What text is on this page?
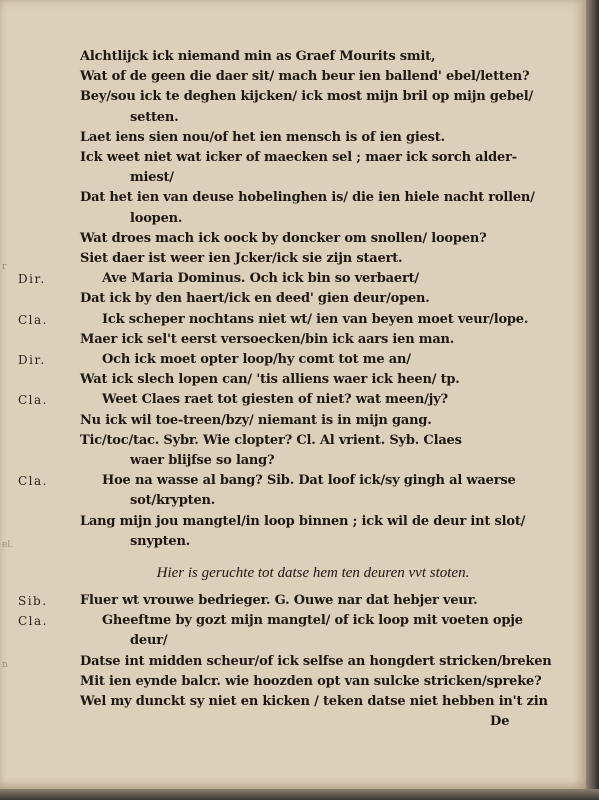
Alchtlijck ick niemand min as Graef Mourits smit,
Wat of de geen die daer sit/ mach beur ien ballend' ebel/letten?
Bey/sou ick te deghen kijcken/ ick most mijn bril op mijn gebel/
setten.
Laet iens sien nou/of het ien mensch is of ien giest.
Ick weet niet wat icker of maecken sel ; maer ick sorch alder-
miest/
Dat het ien van deuse hobelinghen is/ die ien hiele nacht rollen/
loopen.
Wat droes mach ick oock by doncker om snollen/ loopen?
Siet daer ist weer ien Jcker/ick sie zijn staert.
Dir.	Ave Maria Dominus. Och ick bin so verbaert/
Dat ick by den haert/ick en deed' gien deur/open.
Cla.	Ick scheper nochtans niet wt/ ien van beyen moet veur/lope.
Maer ick sel't eerst versoecken/bin ick aars ien man.
Dir.	Och ick moet opter loop/hy comt tot me an/
Wat ick slech lopen can/ 'tis alliens waer ick heen/ tp.
Cla.	Weet Claes raet tot giesten of niet? wat meen/jy?
Nu ick wil toe-treen/bzy/ niemant is in mijn gang.
Tic/toc/tac. Sybr. Wie clopter? Cl. Al vrient. Syb. Claes
waer blijfse so lang?
Cla.	Hoe na wasse al bang? Sib. Dat loof ick/sy gingh al waerse
sot/krypten.
Lang mijn jou mangtel/in loop binnen ; ick wil de deur int slot/
snypten.
Sib. Fluer wt vrouwe bedrieger. G. Ouwe nar dat hebjer veur.
Cla.	Gheeftme by gozt mijn mangtel/ of ick loop mit voeten opje
deur/
Datse int midden scheur/of ick selfse an hongdert stricken/breken
Mit ien eynde balcr. wie hoozden opt van sulcke stricken/spreke?
Wel my dunckt sy niet en kicken / teken datse niet hebben in't zin
Hier is geruchte tot datse hem ten deuren vvt stoten.
De
r
el.
n
